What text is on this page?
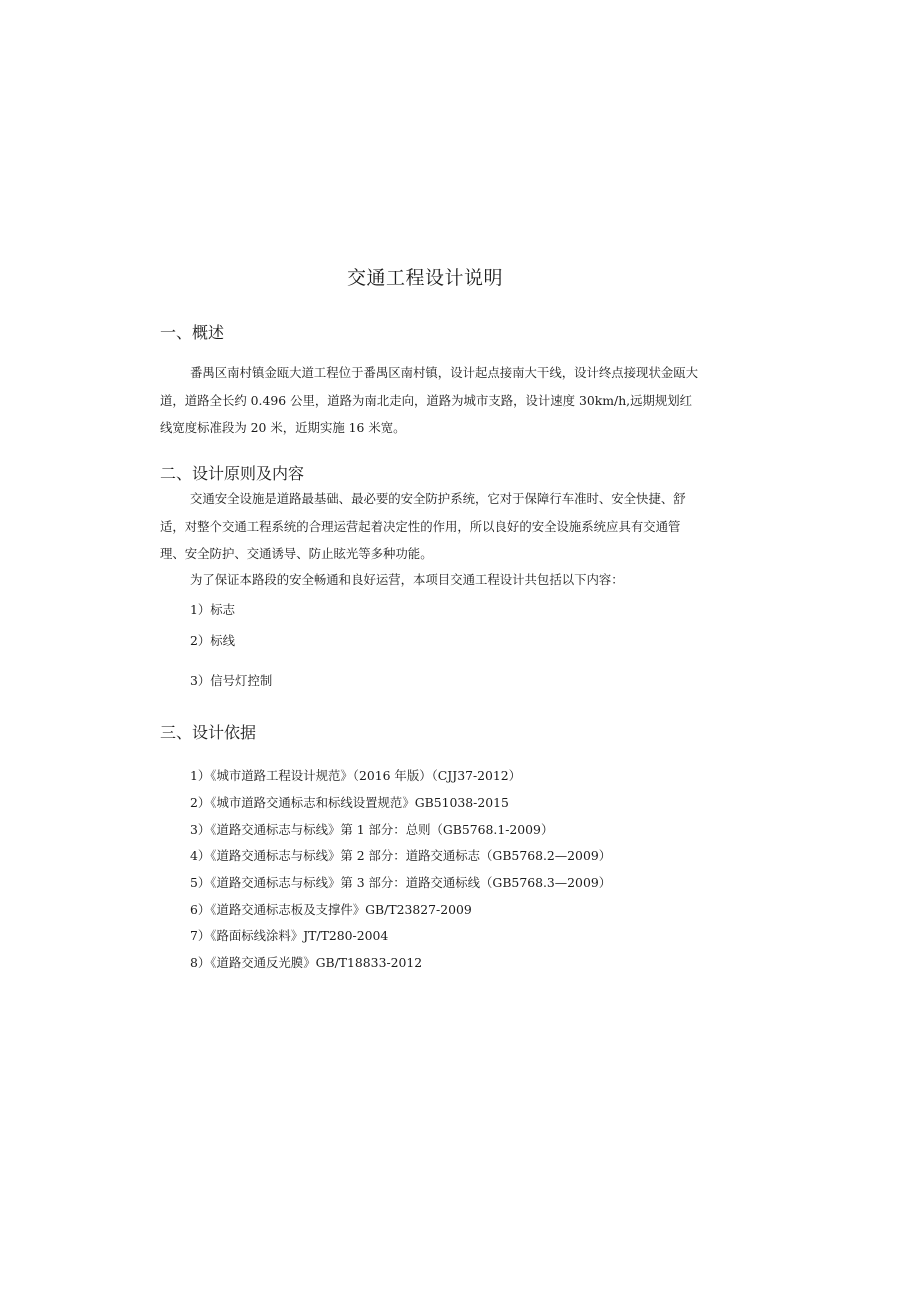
交通工程设计说明
一、概述

番禺区南村镇金瓯大道工程位于番禺区南村镇，设计起点接南大干线，设计终点接现状金瓯大道，道路全长约 0.496 公里，道路为南北走向，道路为城市支路，设计速度 30km/h,远期规划红线宽度标准段为 20 米，近期实施 16 米宽。

二、设计原则及内容

交通安全设施是道路最基础、最必要的安全防护系统，它对于保障行车准时、安全快捷、舒适，对整个交通工程系统的合理运营起着决定性的作用，所以良好的安全设施系统应具有交通管理、安全防护、交通诱导、防止眩光等多种功能。

为了保证本路段的安全畅通和良好运营，本项目交通工程设计共包括以下内容：
1）标志
2）标线
3）信号灯控制
三、设计依据
1）《城市道路工程设计规范》（2016 年版）（CJJ37-2012）
2）《城市道路交通标志和标线设置规范》GB51038-2015
3）《道路交通标志与标线》第 1 部分：总则（GB5768.1-2009）
4）《道路交通标志与标线》第 2 部分：道路交通标志（GB5768.2—2009）
5）《道路交通标志与标线》第 3 部分：道路交通标线（GB5768.3—2009）
6）《道路交通标志板及支撑件》GB/T23827-2009
7）《路面标线涂料》JT/T280-2004
8）《道路交通反光膜》GB/T18833-2012
